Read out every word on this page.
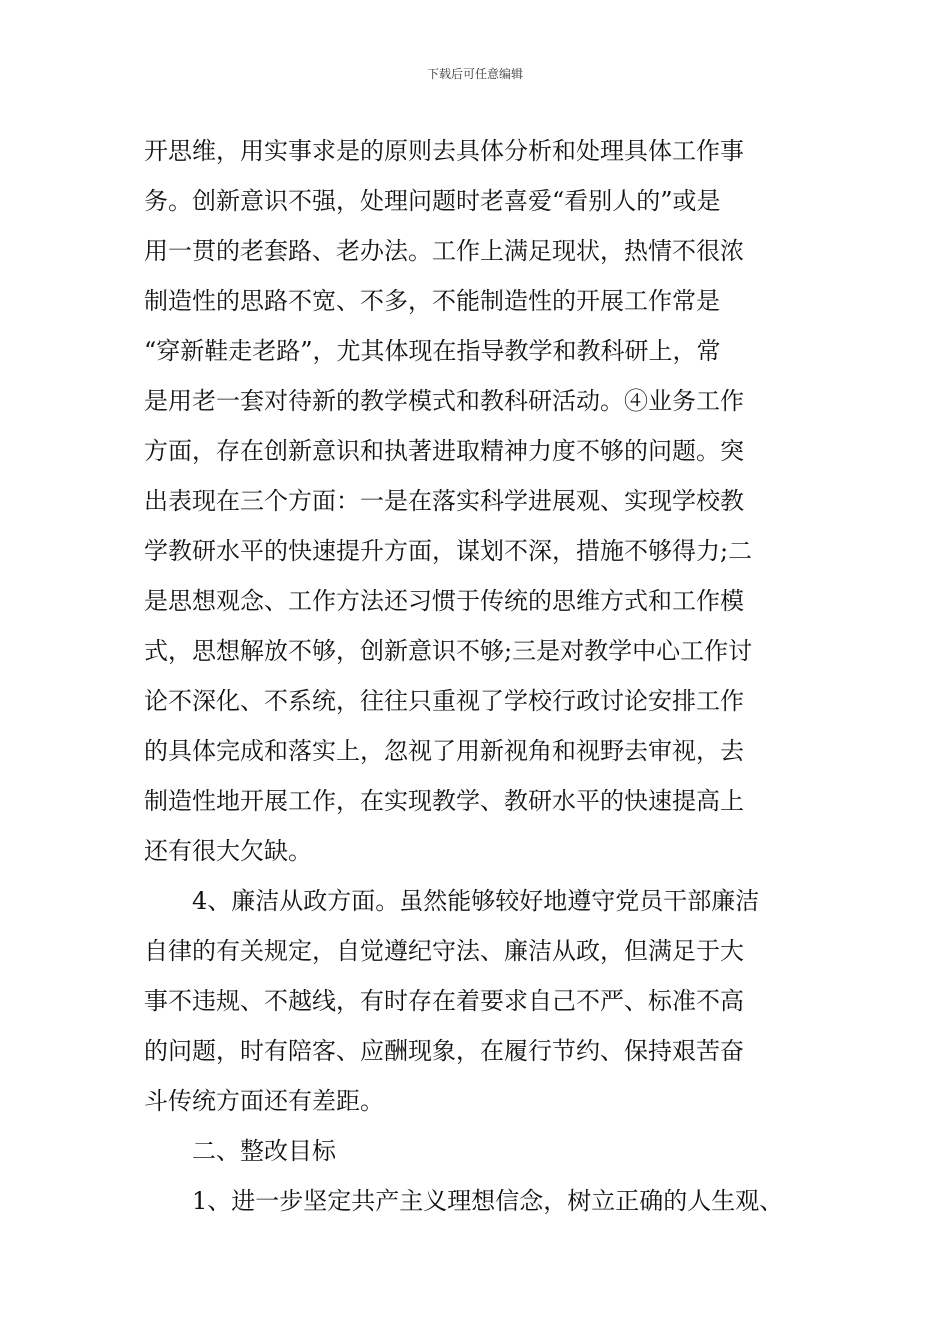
下载后可任意编辑
开思维，用实事求是的原则去具体分析和处理具体工作事
务。创新意识不强，处理问题时老喜爱“看别人的”或是
用一贯的老套路、老办法。工作上满足现状，热情不很浓
制造性的思路不宽、不多，不能制造性的开展工作常是
“穿新鞋走老路”，尤其体现在指导教学和教科研上，常
是用老一套对待新的教学模式和教科研活动。④业务工作
方面，存在创新意识和执著进取精神力度不够的问题。突
出表现在三个方面：一是在落实科学进展观、实现学校教
学教研水平的快速提升方面，谋划不深，措施不够得力;二
是思想观念、工作方法还习惯于传统的思维方式和工作模
式，思想解放不够，创新意识不够;三是对教学中心工作讨
论不深化、不系统，往往只重视了学校行政讨论安排工作
的具体完成和落实上，忽视了用新视角和视野去审视，去
制造性地开展工作，在实现教学、教研水平的快速提高上
还有很大欠缺。
4、廉洁从政方面。虽然能够较好地遵守党员干部廉洁
自律的有关规定，自觉遵纪守法、廉洁从政，但满足于大
事不违规、不越线，有时存在着要求自己不严、标准不高
的问题，时有陪客、应酬现象，在履行节约、保持艰苦奋
斗传统方面还有差距。
二、整改目标
1、进一步坚定共产主义理想信念，树立正确的人生观、
